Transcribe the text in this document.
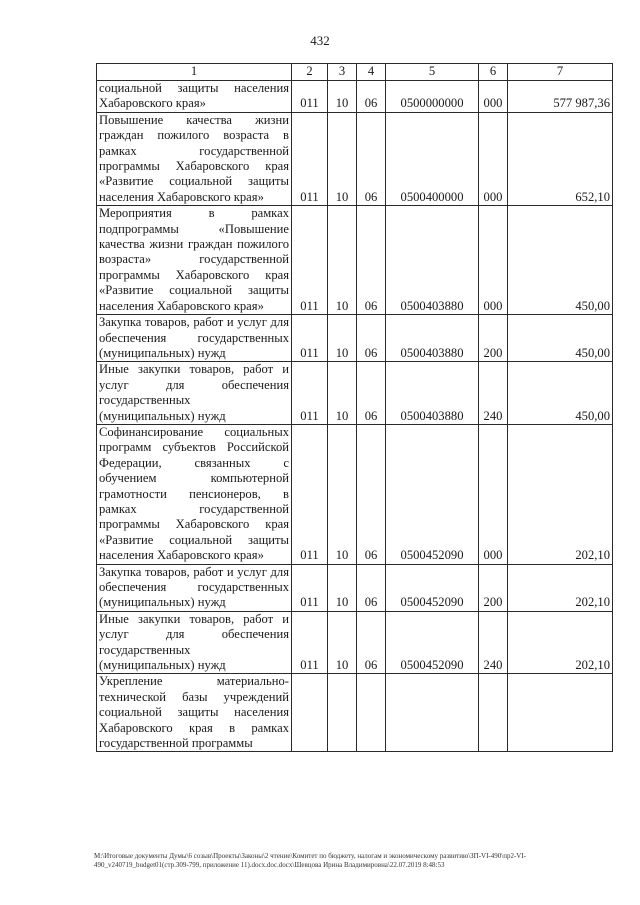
432
1	2	3	4	5	6	7
социальной защиты населения Хабаровского края»	011	10	06	0500000000	000	577 987,36
Повышение качества жизни граждан пожилого возраста в рамках государственной программы Хабаровского края «Развитие социальной защиты населения Хабаровского края»	011	10	06	0500400000	000	652,10
Мероприятия в рамках подпрограммы «Повышение качества жизни граждан пожилого возраста» государственной программы Хабаровского края «Развитие социальной защиты населения Хабаровского края»	011	10	06	0500403880	000	450,00
Закупка товаров, работ и услуг для обеспечения государственных (муниципальных) нужд	011	10	06	0500403880	200	450,00
Иные закупки товаров, работ и услуг для обеспечения государственных (муниципальных) нужд	011	10	06	0500403880	240	450,00
Софинансирование социальных программ субъектов Российской Федерации, связанных с обучением компьютерной грамотности пенсионеров, в рамках государственной программы Хабаровского края «Развитие социальной защиты населения Хабаровского края»	011	10	06	0500452090	000	202,10
Закупка товаров, работ и услуг для обеспечения государственных (муниципальных) нужд	011	10	06	0500452090	200	202,10
Иные закупки товаров, работ и услуг для обеспечения государственных (муниципальных) нужд	011	10	06	0500452090	240	202,10
Укрепление материально-технической базы учреждений социальной защиты населения Хабаровского края в рамках государственной программы						
M:\Итоговые документы Думы\6 созыв\Проекты\Законы\2 чтение\Комитет по бюджету, налогам и экономическому развитию\ЗП-VI-490\пр2-VI-490_v240719_budget01(стр.309-799, приложение 11).docx.doc.docx\Шевцова Ирина Владимировна\22.07.2019 8:48:53
